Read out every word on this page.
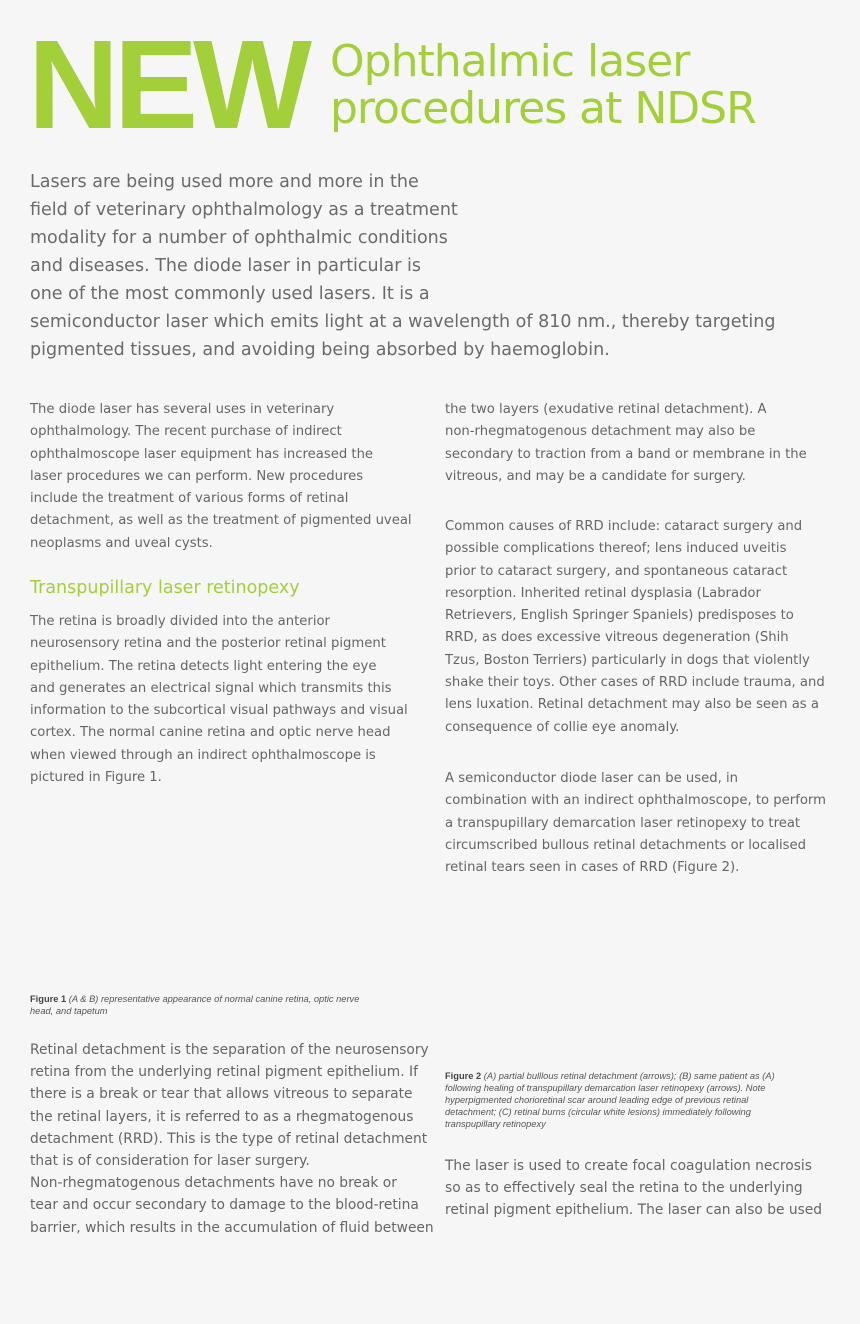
NEW Ophthalmic laser
procedures at NDSR
Lasers are being used more and more in the
field of veterinary ophthalmology as a treatment
modality for a number of ophthalmic conditions
and diseases. The diode laser in particular is
one of the most commonly used lasers. It is a
semiconductor laser which emits light at a wavelength of 810 nm., thereby targeting
pigmented tissues, and avoiding being absorbed by haemoglobin.
The diode laser has several uses in veterinary
ophthalmology. The recent purchase of indirect
ophthalmoscope laser equipment has increased the
laser procedures we can perform. New procedures
include the treatment of various forms of retinal
detachment, as well as the treatment of pigmented uveal
neoplasms and uveal cysts.
Transpupillary laser retinopexy
The retina is broadly divided into the anterior
neurosensory retina and the posterior retinal pigment
epithelium. The retina detects light entering the eye
and generates an electrical signal which transmits this
information to the subcortical visual pathways and visual
cortex. The normal canine retina and optic nerve head
when viewed through an indirect ophthalmoscope is
pictured in Figure 1.
Figure 1 (A & B) representative appearance of normal canine retina, optic nerve
head, and tapetum
Retinal detachment is the separation of the neurosensory
retina from the underlying retinal pigment epithelium. If
there is a break or tear that allows vitreous to separate
the retinal layers, it is referred to as a rhegmatogenous
detachment (RRD). This is the type of retinal detachment
that is of consideration for laser surgery.
Non-rhegmatogenous detachments have no break or
tear and occur secondary to damage to the blood-retina
barrier, which results in the accumulation of fluid between
the two layers (exudative retinal detachment). A
non-rhegmatogenous detachment may also be
secondary to traction from a band or membrane in the
vitreous, and may be a candidate for surgery.
Common causes of RRD include: cataract surgery and
possible complications thereof; lens induced uveitis
prior to cataract surgery, and spontaneous cataract
resorption. Inherited retinal dysplasia (Labrador
Retrievers, English Springer Spaniels) predisposes to
RRD, as does excessive vitreous degeneration (Shih
Tzus, Boston Terriers) particularly in dogs that violently
shake their toys. Other cases of RRD include trauma, and
lens luxation. Retinal detachment may also be seen as a
consequence of collie eye anomaly.
A semiconductor diode laser can be used, in
combination with an indirect ophthalmoscope, to perform
a transpupillary demarcation laser retinopexy to treat
circumscribed bullous retinal detachments or localised
retinal tears seen in cases of RRD (Figure 2).
Figure 2 (A) partial bulllous retinal detachment (arrows); (B) same patient as (A)
following healing of transpupillary demarcation laser retinopexy (arrows). Note
hyperpigmented chorioretinal scar around leading edge of previous retinal
detachment; (C) retinal burns (circular white lesions) immediately following
transpupillary retinopexy
The laser is used to create focal coagulation necrosis
so as to effectively seal the retina to the underlying
retinal pigment epithelium. The laser can also be used
